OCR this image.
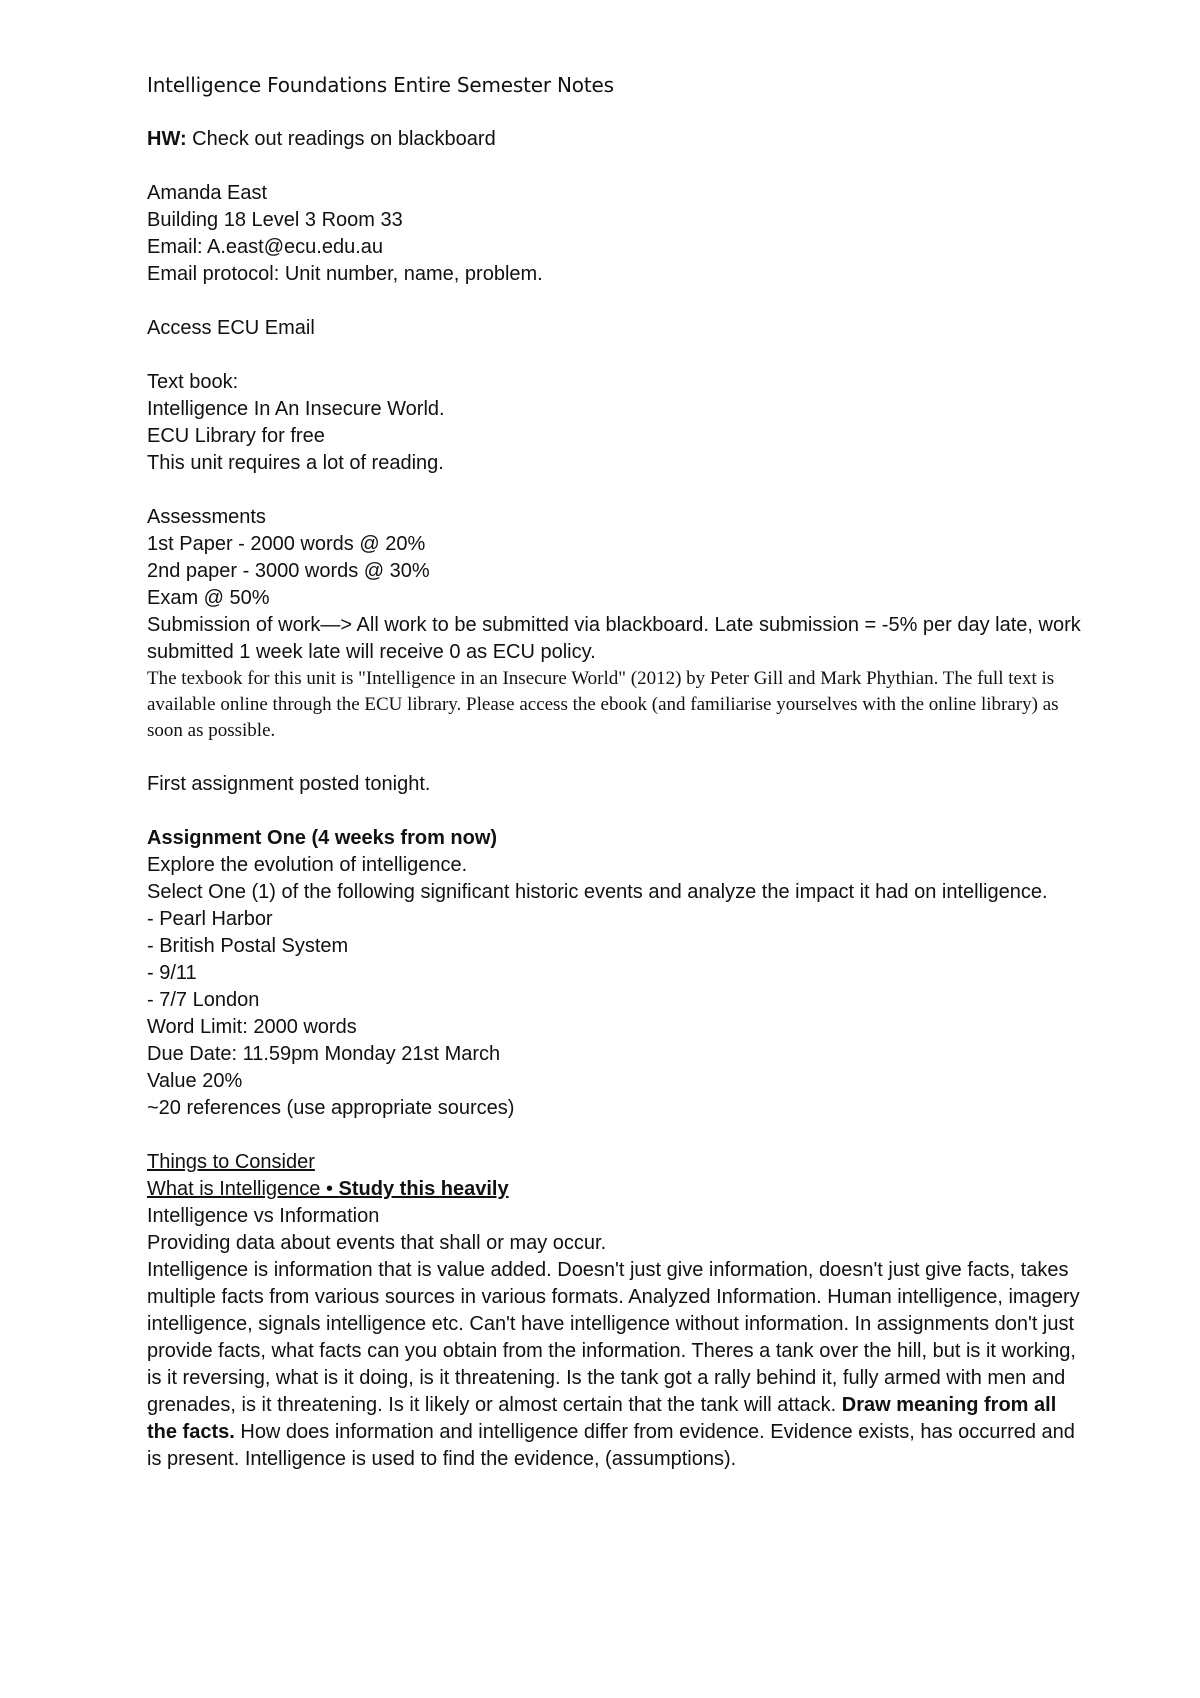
Intelligence Foundations Entire Semester Notes
HW: Check out readings on blackboard
Amanda East
Building 18 Level 3 Room 33
Email: A.east@ecu.edu.au
Email protocol: Unit number, name, problem.
Access ECU Email
Text book:
Intelligence In An Insecure World.
ECU Library for free
This unit requires a lot of reading.
Assessments
1st Paper - 2000 words @ 20%
2nd paper - 3000 words @ 30%
Exam @ 50%
Submission of work—> All work to be submitted via blackboard. Late submission = -5% per day late, work submitted 1 week late will receive 0 as ECU policy.
The texbook for this unit is "Intelligence in an Insecure World" (2012) by Peter Gill and Mark Phythian. The full text is available online through the ECU library. Please access the ebook (and familiarise yourselves with the online library) as soon as possible.
First assignment posted tonight.
Assignment One (4 weeks from now)
Explore the evolution of intelligence.
Select One (1) of the following significant historic events and analyze the impact it had on intelligence.
- Pearl Harbor
- British Postal System
- 9/11
- 7/7 London
Word Limit: 2000 words
Due Date: 11.59pm Monday 21st March
Value 20%
~20 references (use appropriate sources)
Things to Consider
What is Intelligence • Study this heavily
Intelligence vs Information
Providing data about events that shall or may occur.
Intelligence is information that is value added. Doesn't just give information, doesn't just give facts, takes multiple facts from various sources in various formats. Analyzed Information. Human intelligence, imagery intelligence, signals intelligence etc. Can't have intelligence without information. In assignments don't just provide facts, what facts can you obtain from the information. Theres a tank over the hill, but is it working, is it reversing, what is it doing, is it threatening. Is the tank got a rally behind it, fully armed with men and grenades, is it threatening. Is it likely or almost certain that the tank will attack. Draw meaning from all the facts. How does information and intelligence differ from evidence. Evidence exists, has occurred and is present. Intelligence is used to find the evidence, (assumptions).
